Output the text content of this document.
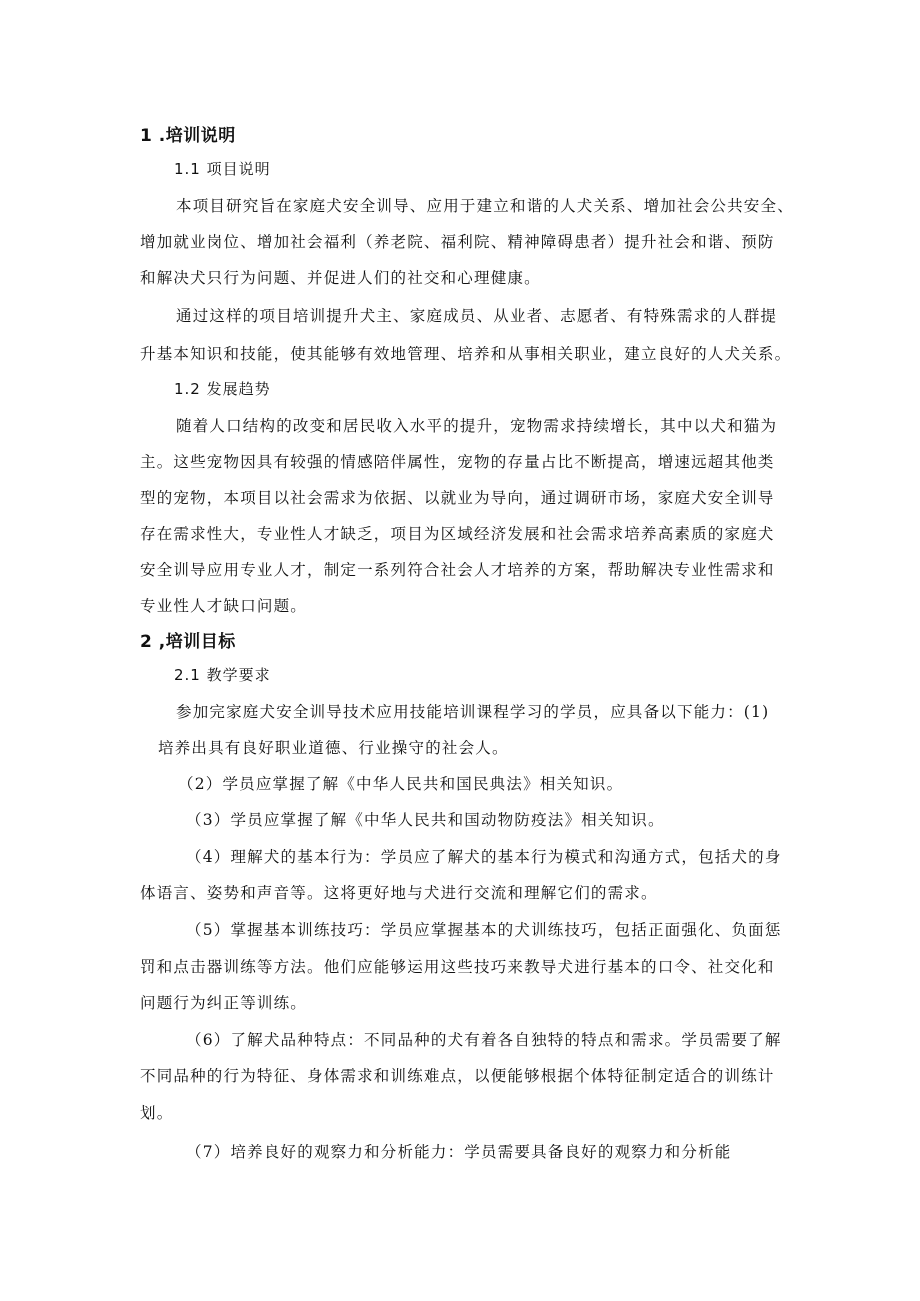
1 .培训说明
1.1 项目说明
本项目研究旨在家庭犬安全训导、应用于建立和谐的人犬关系、增加社会公共安全、
增加就业岗位、增加社会福利（养老院、福利院、精神障碍患者）提升社会和谐、预防
和解决犬只行为问题、并促进人们的社交和心理健康。
通过这样的项目培训提升犬主、家庭成员、从业者、志愿者、有特殊需求的人群提
升基本知识和技能，使其能够有效地管理、培养和从事相关职业，建立良好的人犬关系。
1.2 发展趋势
随着人口结构的改变和居民收入水平的提升，宠物需求持续增长，其中以犬和猫为
主。这些宠物因具有较强的情感陪伴属性，宠物的存量占比不断提高，增速远超其他类
型的宠物，本项目以社会需求为依据、以就业为导向，通过调研市场，家庭犬安全训导
存在需求性大，专业性人才缺乏，项目为区域经济发展和社会需求培养高素质的家庭犬
安全训导应用专业人才，制定一系列符合社会人才培养的方案，帮助解决专业性需求和
专业性人才缺口问题。
2 ,培训目标
2.1 教学要求
参加完家庭犬安全训导技术应用技能培训课程学习的学员，应具备以下能力：(1)
培养出具有良好职业道德、行业操守的社会人。
（2）学员应掌握了解《中华人民共和国民典法》相关知识。
（3）学员应掌握了解《中华人民共和国动物防疫法》相关知识。
（4）理解犬的基本行为：学员应了解犬的基本行为模式和沟通方式，包括犬的身
体语言、姿势和声音等。这将更好地与犬进行交流和理解它们的需求。
（5）掌握基本训练技巧：学员应掌握基本的犬训练技巧，包括正面强化、负面惩
罚和点击器训练等方法。他们应能够运用这些技巧来教导犬进行基本的口令、社交化和
问题行为纠正等训练。
（6）了解犬品种特点：不同品种的犬有着各自独特的特点和需求。学员需要了解
不同品种的行为特征、身体需求和训练难点，以便能够根据个体特征制定适合的训练计
划。
（7）培养良好的观察力和分析能力：学员需要具备良好的观察力和分析能
